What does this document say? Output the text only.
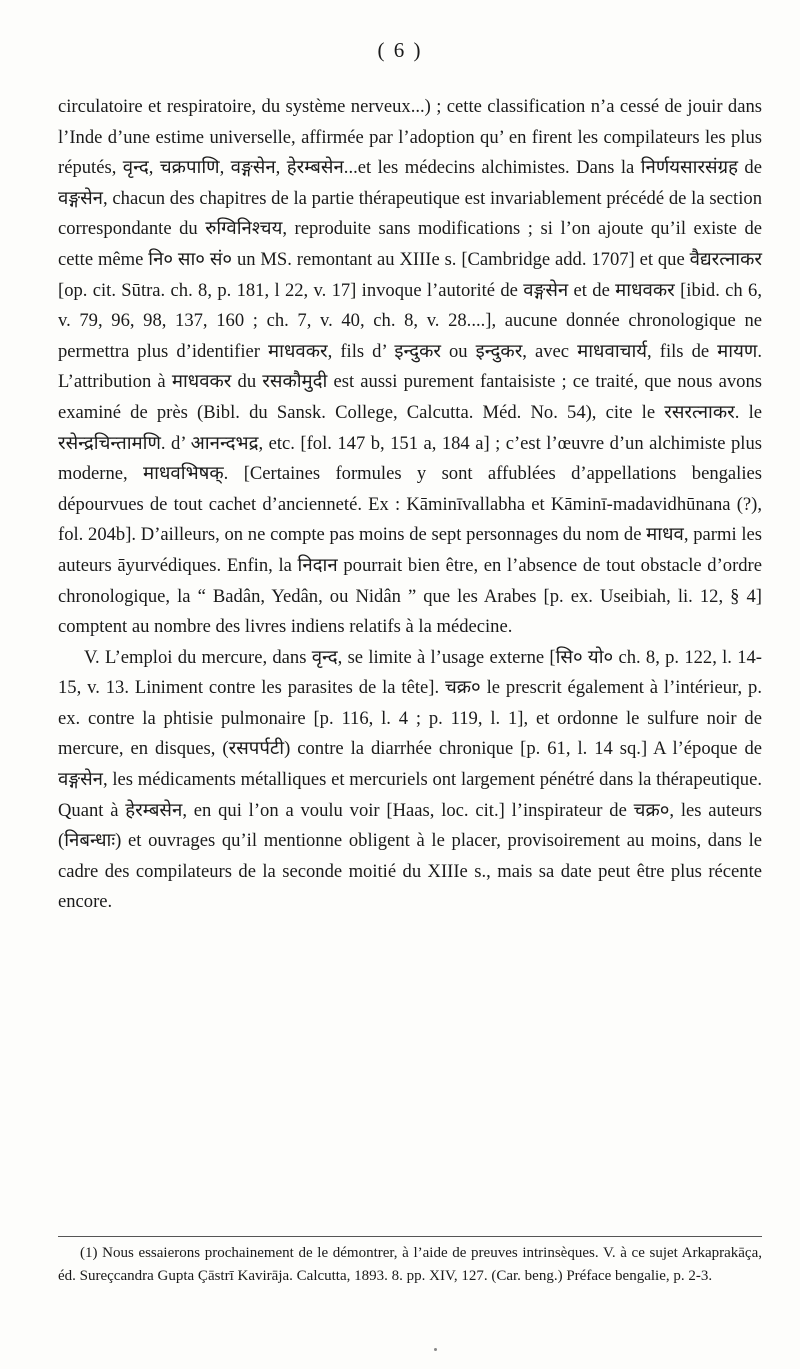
( 6 )

circulatoire et respiratoire, du système nerveux...) ; cette classification n’a cessé de jouir dans l’Inde d’une estime universelle, affirmée par l’adoption qu’ en firent les compilateurs les plus réputés, वृन्द, चक्रपाणि, वङ्गसेन, हेरम्बसेन...et les médecins alchimistes. Dans la निर्णयसारसंग्रह de वङ्गसेन, chacun des chapitres de la partie thérapeutique est invariablement précédé de la section correspondante du रुग्विनिश्चय, reproduite sans modifications ; si l’on ajoute qu’il existe de cette même नि० सा० सं० un MS. remontant au XIIIe s. [Cambridge add. 1707] et que वैद्यरत्नाकर [op. cit. Sūtra. ch. 8, p. 181, l 22, v. 17] invoque l’autorité de वङ्गसेन et de माधवकर [ibid. ch 6, v. 79, 96, 98, 137, 160 ; ch. 7, v. 40, ch. 8, v. 28....], aucune donnée chronologique ne permettra plus d’identifier माधवकर, fils d’ इन्दुकर ou इन्दुकर, avec माधवाचार्य, fils de मायण. L’attribution à माधवकर du रसकौमुदी est aussi purement fantaisiste ; ce traité, que nous avons examiné de près (Bibl. du Sansk. College, Calcutta. Méd. No. 54), cite le रसरत्नाकर. le रसेन्द्रचिन्तामणि. d’ आनन्दभद्र, etc. [fol. 147 b, 151 a, 184 a] ; c’est l’œuvre d’un alchimiste plus moderne, माधवभिषक्. [Certaines formules y sont affublées d’appellations bengalies dépourvues de tout cachet d’ancienneté. Ex : Kāminīvallabha et Kāminī-madavidhūnana (?), fol. 204b]. D’ailleurs, on ne compte pas moins de sept personnages du nom de माधव, parmi les auteurs āyurvédiques. Enfin, la निदान pourrait bien être, en l’absence de tout obstacle d’ordre chronologique, la “ Badân, Yedân, ou Nidân ” que les Arabes [p. ex. Useibiah, li. 12, § 4] comptent au nombre des livres indiens relatifs à la médecine.

V. L’emploi du mercure, dans वृन्द, se limite à l’usage externe [सि० यो० ch. 8, p. 122, l. 14-15, v. 13. Liniment contre les parasites de la tête]. चक्र० le prescrit également à l’intérieur, p. ex. contre la phtisie pulmonaire [p. 116, l. 4 ; p. 119, l. 1], et ordonne le sulfure noir de mercure, en disques, (रसपर्पटी) contre la diarrhée chronique [p. 61, l. 14 sq.] A l’époque de वङ्गसेन, les médicaments métalliques et mercuriels ont largement pénétré dans la thérapeutique. Quant à हेरम्बसेन, en qui l’on a voulu voir [Haas, loc. cit.] l’inspirateur de चक्र०, les auteurs (निबन्धाः) et ouvrages qu’il mentionne obligent à le placer, provisoirement au moins, dans le cadre des compilateurs de la seconde moitié du XIIIe s., mais sa date peut être plus récente encore.

(1) Nous essaierons prochainement de le démontrer, à l’aide de preuves intrinsèques. V. à ce sujet Arkaprakāça, éd. Sureçcandra Gupta Çāstrī Kavirāja. Calcutta, 1893. 8. pp. XIV, 127. (Car. beng.) Préface bengalie, p. 2-3.
